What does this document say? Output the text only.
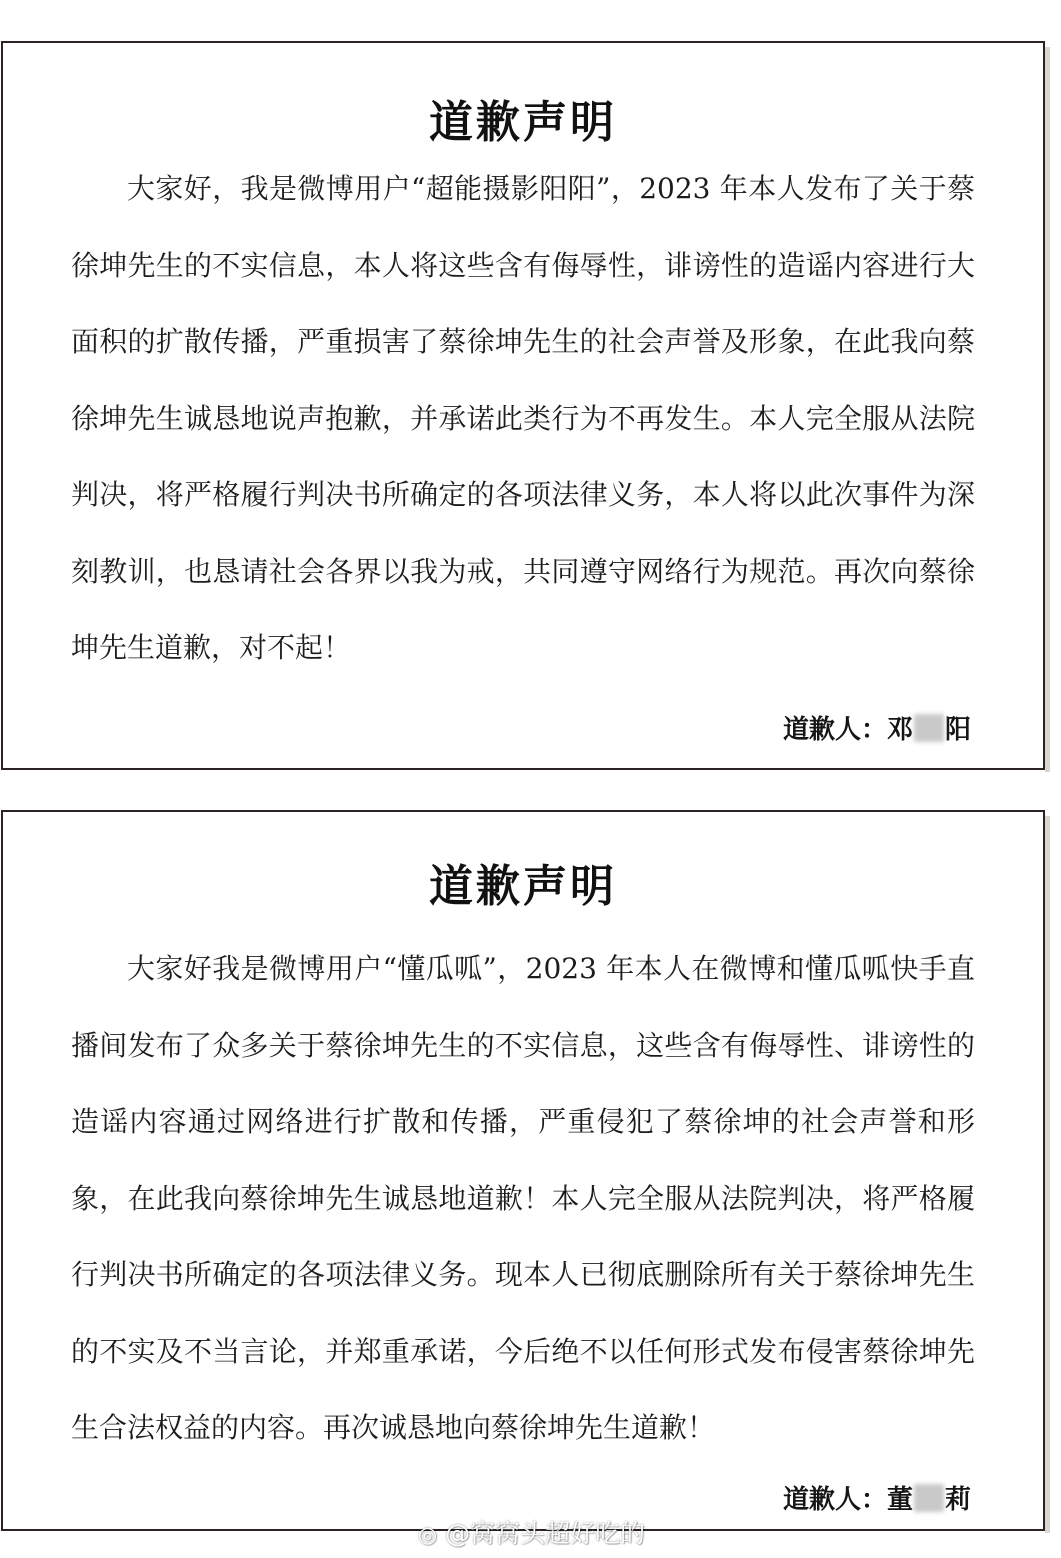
道歉声明

大家好，我是微博用户“超能摄影阳阳”，2023 年本人发布了关于蔡徐坤先生的不实信息，本人将这些含有侮辱性，诽谤性的造谣内容进行大面积的扩散传播，严重损害了蔡徐坤先生的社会声誉及形象，在此我向蔡徐坤先生诚恳地说声抱歉，并承诺此类行为不再发生。本人完全服从法院判决，将严格履行判决书所确定的各项法律义务，本人将以此次事件为深刻教训，也恳请社会各界以我为戒，共同遵守网络行为规范。再次向蔡徐坤先生道歉，对不起！

道歉人： 邓 阳
道歉声明

大家好我是微博用户“懂瓜呱”，2023 年本人在微博和懂瓜呱快手直播间发布了众多关于蔡徐坤先生的不实信息，这些含有侮辱性、诽谤性的造谣内容通过网络进行扩散和传播，严重侵犯了蔡徐坤的社会声誉和形象，在此我向蔡徐坤先生诚恳地道歉！本人完全服从法院判决，将严格履行判决书所确定的各项法律义务。现本人已彻底删除所有关于蔡徐坤先生的不实及不当言论，并郑重承诺，今后绝不以任何形式发布侵害蔡徐坤先生合法权益的内容。再次诚恳地向蔡徐坤先生道歉！

道歉人： 董 莉
◎ @窝窝头超好吃的
